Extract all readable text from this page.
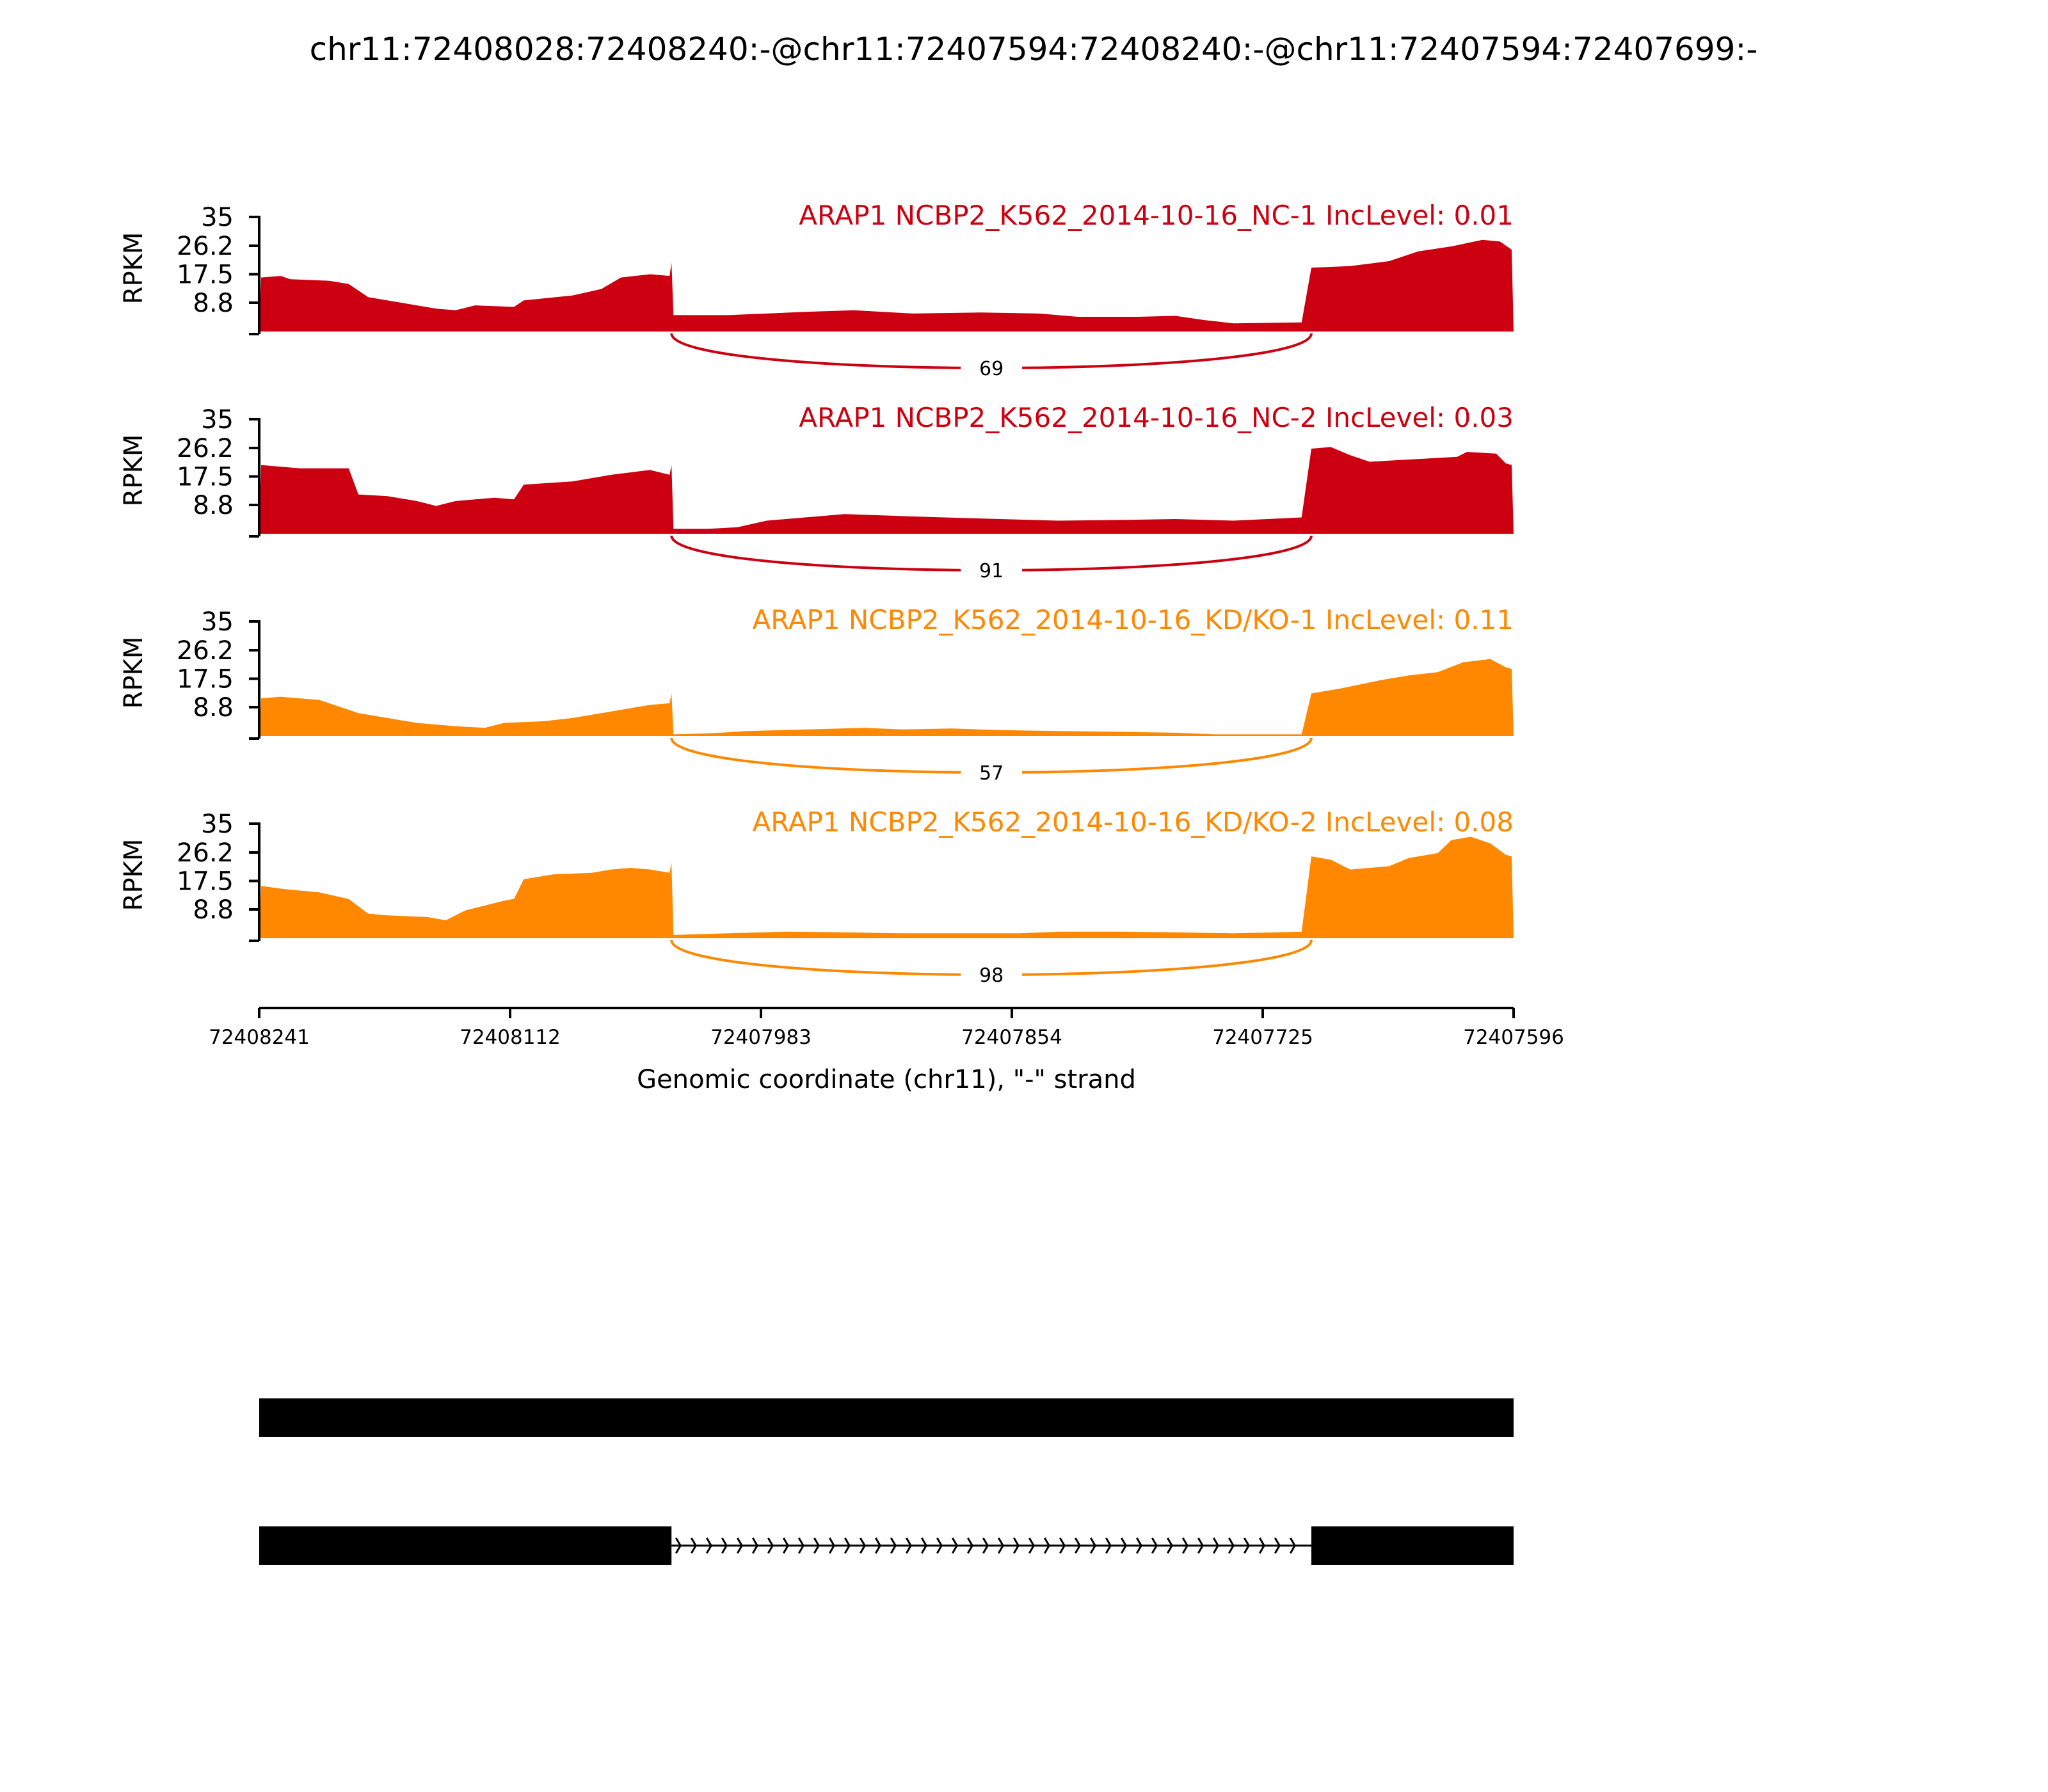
chr11:72408028:72408240:-@chr11:72407594:72408240:-@chr11:72407594:72407699:-
35
26.2
17.5
8.8
RPKM
ARAP1 NCBP2_K562_2014-10-16_NC-1 IncLevel: 0.01
69
35
26.2
17.5
8.8
RPKM
ARAP1 NCBP2_K562_2014-10-16_NC-2 IncLevel: 0.03
91
35
26.2
17.5
8.8
RPKM
ARAP1 NCBP2_K562_2014-10-16_KD/KO-1 IncLevel: 0.11
57
35
26.2
17.5
8.8
RPKM
ARAP1 NCBP2_K562_2014-10-16_KD/KO-2 IncLevel: 0.08
98
72408241	72408112	72407983	72407854	72407725	72407596
Genomic coordinate (chr11), "-" strand
